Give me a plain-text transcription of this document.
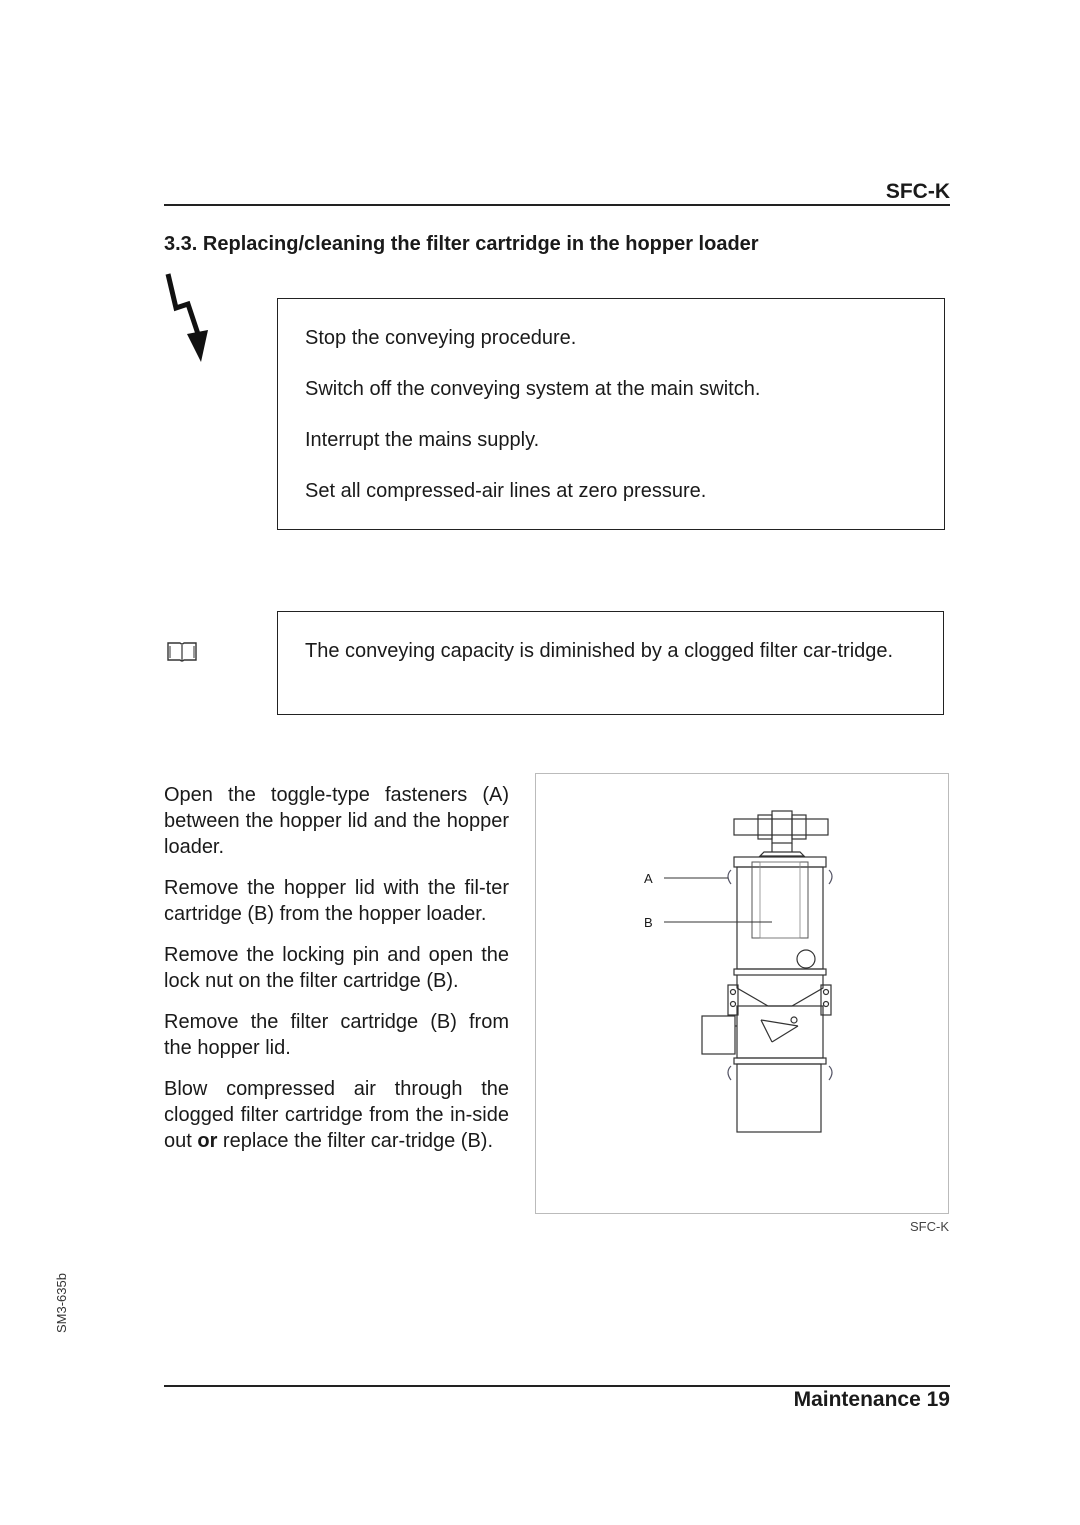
SFC-K
3.3. Replacing/cleaning the filter cartridge in the hopper loader

Stop the conveying procedure.

Switch off the conveying system at the main switch.

Interrupt the mains supply.

Set all compressed-air lines at zero pressure.

The conveying capacity is diminished by a clogged filter car-tridge.

Open the toggle-type fasteners (A) between the hopper lid and the hopper loader.

Remove the hopper lid with the fil-ter cartridge (B) from the hopper loader.

Remove the locking pin and open the lock nut on the filter cartridge (B).

Remove the filter cartridge (B) from the hopper lid.

Blow compressed air through the clogged filter cartridge from the in-side out or replace the filter car-tridge (B).

A
B
SFC-K
SM3-635b
Maintenance 19
